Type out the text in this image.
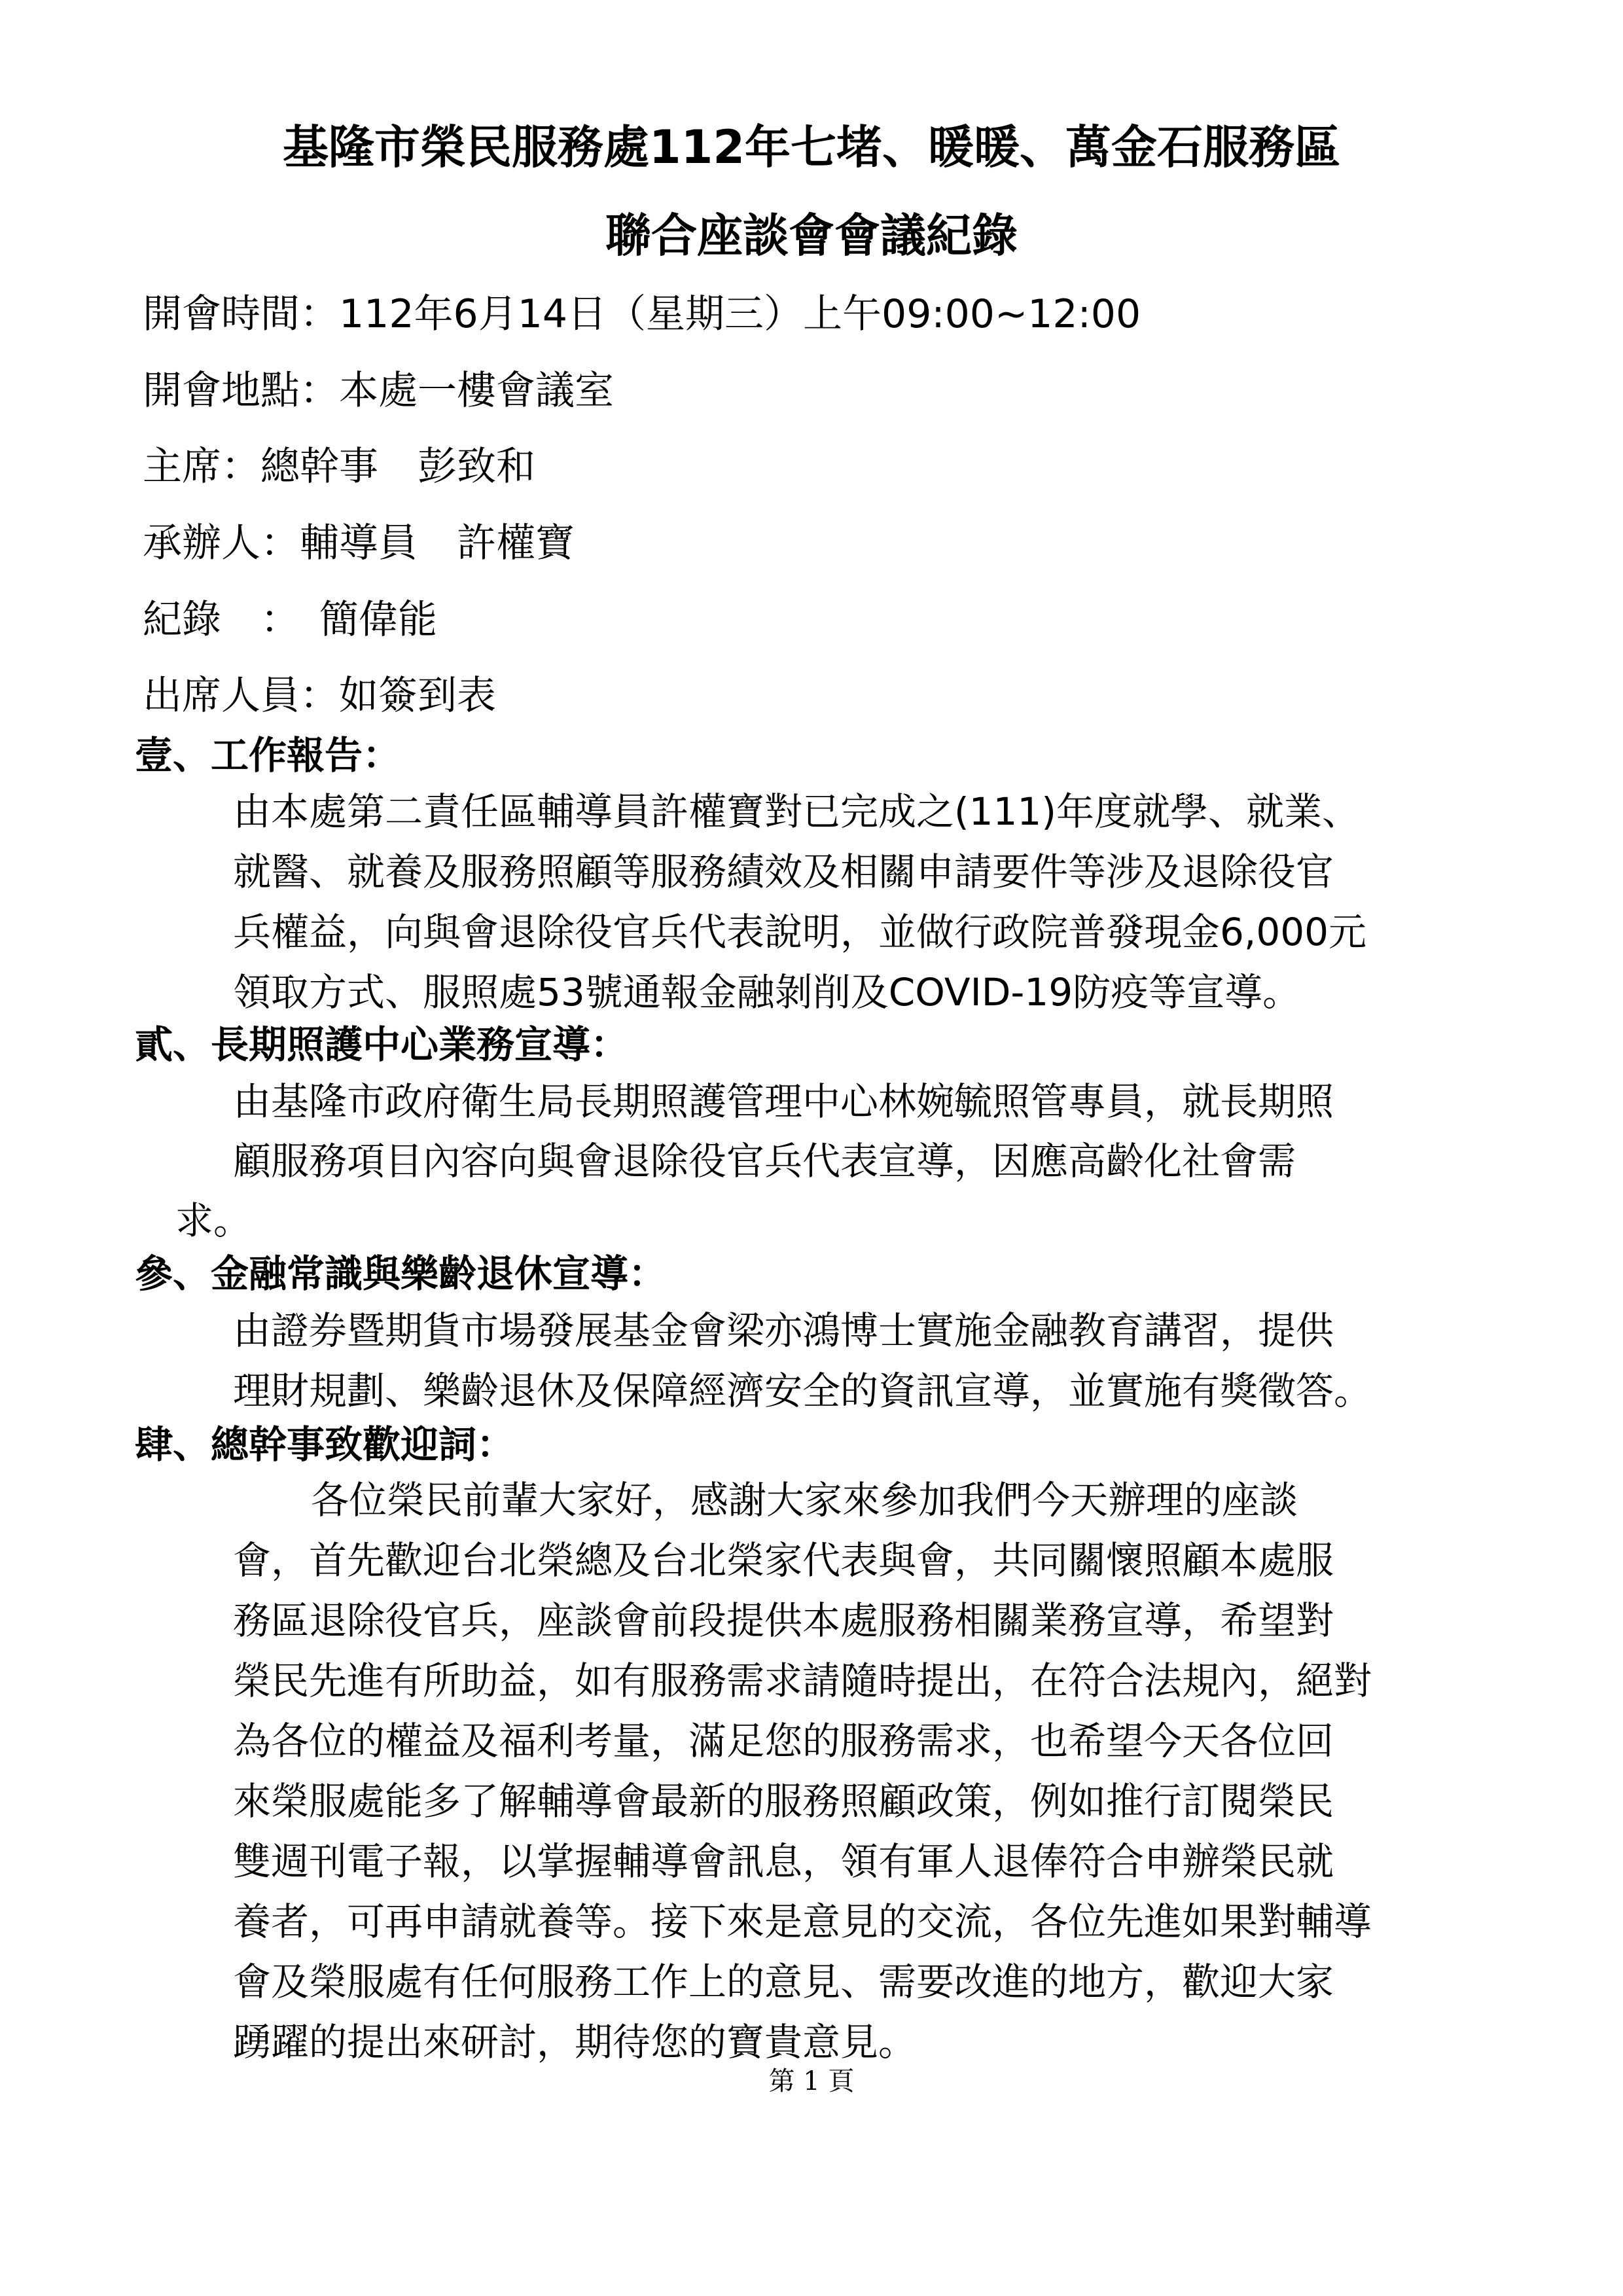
基隆市榮民服務處112年七堵、暖暖、萬金石服務區
聯合座談會會議紀錄
開會時間：112年6月14日（星期三）上午09:00~12:00
開會地點：本處一樓會議室
主席：總幹事　彭致和
承辦人：輔導員　許權寶
紀錄　：　簡偉能
出席人員：如簽到表
壹、工作報告：
由本處第二責任區輔導員許權寶對已完成之(111)年度就學、就業、
就醫、就養及服務照顧等服務績效及相關申請要件等涉及退除役官
兵權益，向與會退除役官兵代表說明，並做行政院普發現金6,000元
領取方式、服照處53號通報金融剝削及COVID-19防疫等宣導。
貳、長期照護中心業務宣導：
由基隆市政府衛生局長期照護管理中心林婉毓照管專員，就長期照
顧服務項目內容向與會退除役官兵代表宣導，因應高齡化社會需
求。
參、金融常識與樂齡退休宣導：
由證券暨期貨市場發展基金會梁亦鴻博士實施金融教育講習，提供
理財規劃、樂齡退休及保障經濟安全的資訊宣導，並實施有獎徵答。
肆、總幹事致歡迎詞：
各位榮民前輩大家好，感謝大家來參加我們今天辦理的座談
會，首先歡迎台北榮總及台北榮家代表與會，共同關懷照顧本處服
務區退除役官兵，座談會前段提供本處服務相關業務宣導，希望對
榮民先進有所助益，如有服務需求請隨時提出，在符合法規內，絕對
為各位的權益及福利考量，滿足您的服務需求，也希望今天各位回
來榮服處能多了解輔導會最新的服務照顧政策，例如推行訂閱榮民
雙週刊電子報，以掌握輔導會訊息，領有軍人退俸符合申辦榮民就
養者，可再申請就養等。接下來是意見的交流，各位先進如果對輔導
會及榮服處有任何服務工作上的意見、需要改進的地方，歡迎大家
踴躍的提出來研討，期待您的寶貴意見。
第 1 頁
